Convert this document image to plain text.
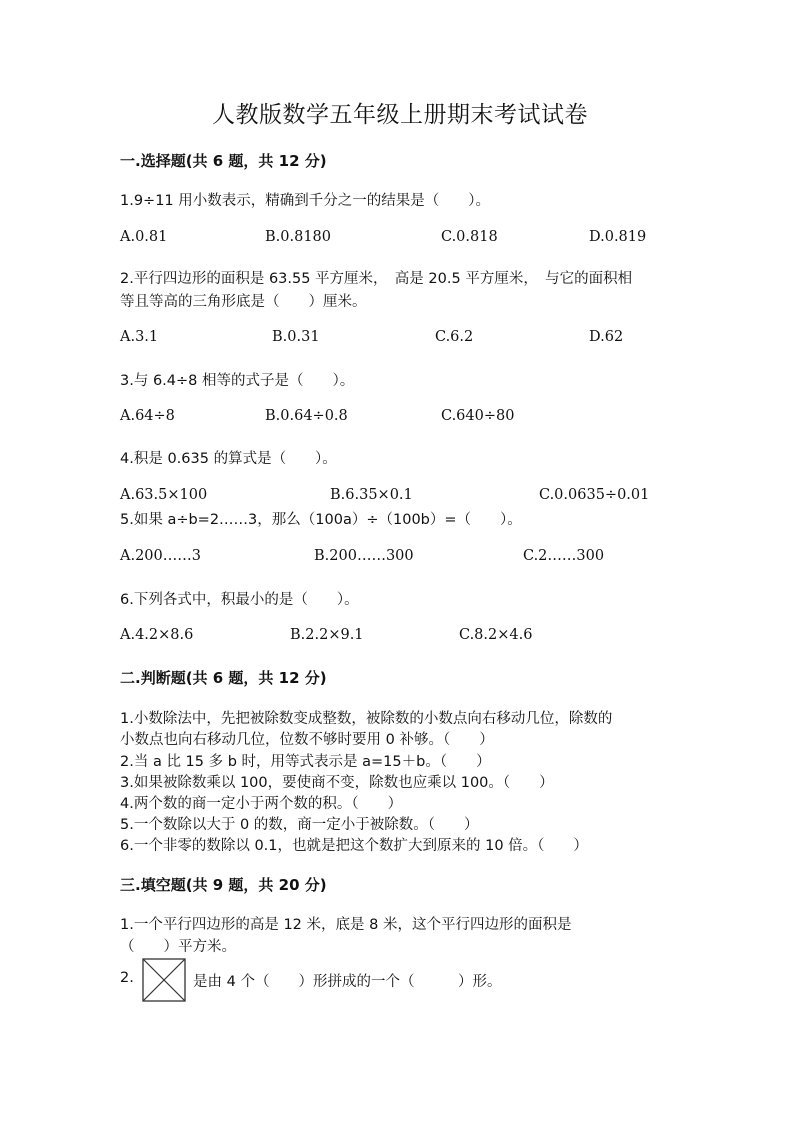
人教版数学五年级上册期末考试试卷
一.选择题(共 6 题，共 12 分)
1.9÷11 用小数表示，精确到千分之一的结果是（　　）。
A.0.81	B.0.8180	C.0.818	D.0.819
2.平行四边形的面积是 63.55 平方厘米，　高是 20.5 平方厘米，　与它的面积相
等且等高的三角形底是（　　）厘米。
A.3.1	B.0.31	C.6.2	D.62
3.与 6.4÷8 相等的式子是（　　）。
A.64÷8	B.0.64÷0.8	C.640÷80
4.积是 0.635 的算式是（　　）。
A.63.5×100	B.6.35×0.1	C.0.0635÷0.01
5.如果 a÷b=2……3，那么（100a）÷（100b）=（　　）。
A.200……3	B.200……300	C.2……300
6.下列各式中，积最小的是（　　）。
A.4.2×8.6	B.2.2×9.1	C.8.2×4.6
二.判断题(共 6 题，共 12 分)
1.小数除法中，先把被除数变成整数，被除数的小数点向右移动几位，除数的
小数点也向右移动几位，位数不够时要用 0 补够。（　　）
2.当 a 比 15 多 b 时，用等式表示是 a=15＋b。（　　）
3.如果被除数乘以 100，要使商不变，除数也应乘以 100。（　　）
4.两个数的商一定小于两个数的积。（　　）
5.一个数除以大于 0 的数，商一定小于被除数。（　　）
6.一个非零的数除以 0.1，也就是把这个数扩大到原来的 10 倍。（　　）
三.填空题(共 9 题，共 20 分)
1.一个平行四边形的高是 12 米，底是 8 米，这个平行四边形的面积是
（　　）平方米。
2.	是由 4 个（　　）形拼成的一个（　　　）形。
